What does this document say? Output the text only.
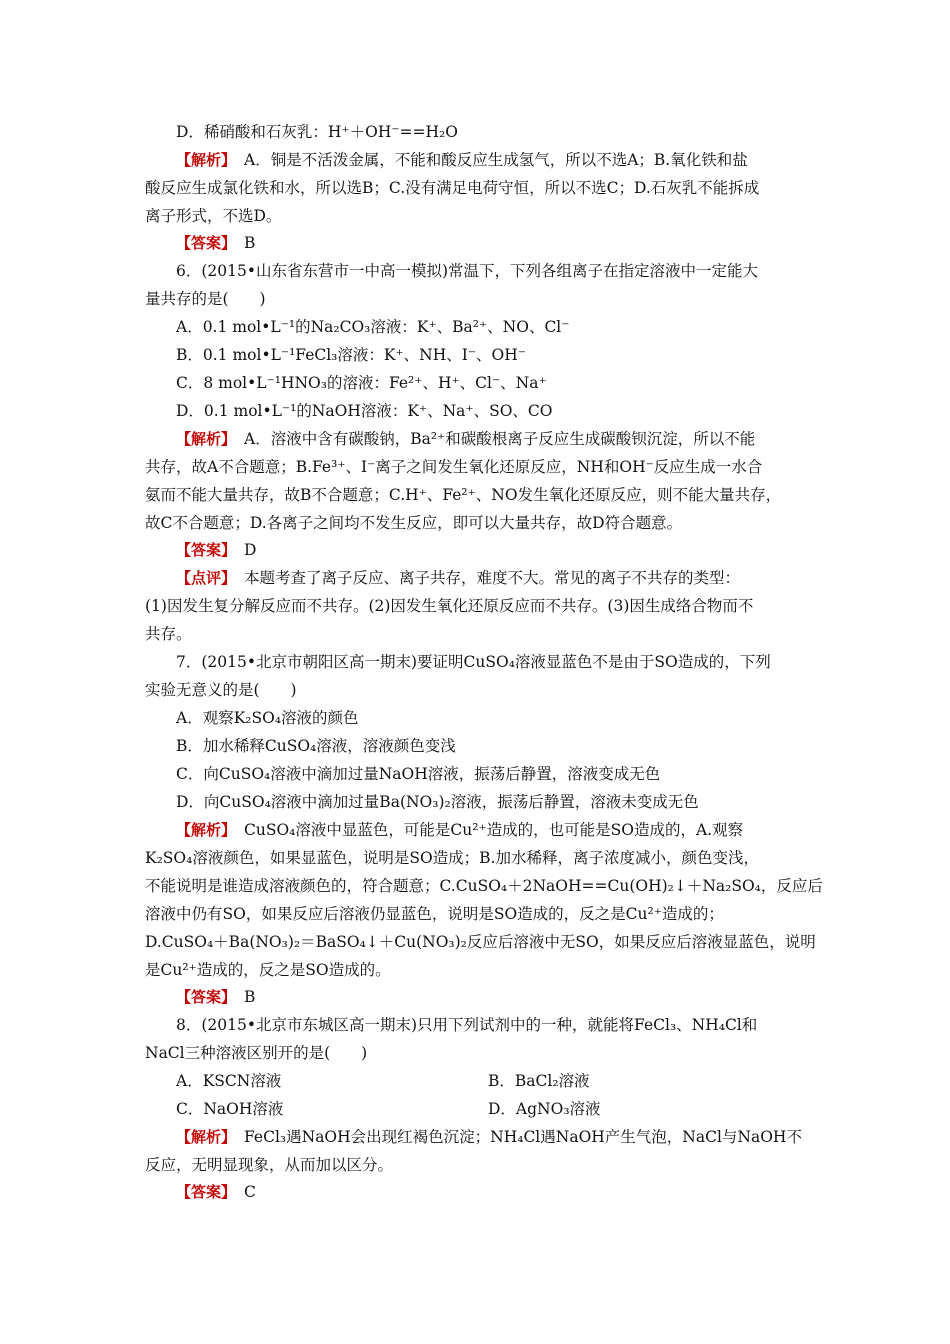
D．稀硝酸和石灰乳：H⁺＋OH⁻==H₂O
【解析】　A．铜是不活泼金属，不能和酸反应生成氢气，所以不选A；B.氧化铁和盐
酸反应生成氯化铁和水，所以选B；C.没有满足电荷守恒，所以不选C；D.石灰乳不能拆成
离子形式，不选D。
【答案】　B
6．(2015•山东省东营市一中高一模拟)常温下，下列各组离子在指定溶液中一定能大
量共存的是(　　)
A．0.1 mol•L⁻¹的Na₂CO₃溶液：K⁺、Ba²⁺、NO、Cl⁻
B．0.1 mol•L⁻¹FeCl₃溶液：K⁺、NH、I⁻、OH⁻
C．8 mol•L⁻¹HNO₃的溶液：Fe²⁺、H⁺、Cl⁻、Na⁺
D．0.1 mol•L⁻¹的NaOH溶液：K⁺、Na⁺、SO、CO
【解析】　A．溶液中含有碳酸钠，Ba²⁺和碳酸根离子反应生成碳酸钡沉淀，所以不能
共存，故A不合题意；B.Fe³⁺、I⁻离子之间发生氧化还原反应，NH和OH⁻反应生成一水合
氨而不能大量共存，故B不合题意；C.H⁺、Fe²⁺、NO发生氧化还原反应，则不能大量共存，
故C不合题意；D.各离子之间均不发生反应，即可以大量共存，故D符合题意。
【答案】　D
【点评】　本题考查了离子反应、离子共存，难度不大。常见的离子不共存的类型：
(1)因发生复分解反应而不共存。(2)因发生氧化还原反应而不共存。(3)因生成络合物而不
共存。
7．(2015•北京市朝阳区高一期末)要证明CuSO₄溶液显蓝色不是由于SO造成的，下列
实验无意义的是(　　)
A．观察K₂SO₄溶液的颜色
B．加水稀释CuSO₄溶液，溶液颜色变浅
C．向CuSO₄溶液中滴加过量NaOH溶液，振荡后静置，溶液变成无色
D．向CuSO₄溶液中滴加过量Ba(NO₃)₂溶液，振荡后静置，溶液未变成无色
【解析】　CuSO₄溶液中显蓝色，可能是Cu²⁺造成的，也可能是SO造成的，A.观察
K₂SO₄溶液颜色，如果显蓝色，说明是SO造成；B.加水稀释，离子浓度减小，颜色变浅，
不能说明是谁造成溶液颜色的，符合题意；C.CuSO₄＋2NaOH==Cu(OH)₂↓＋Na₂SO₄，反应后
溶液中仍有SO，如果反应后溶液仍显蓝色，说明是SO造成的，反之是Cu²⁺造成的；
D.CuSO₄＋Ba(NO₃)₂＝BaSO₄↓＋Cu(NO₃)₂反应后溶液中无SO，如果反应后溶液显蓝色，说明
是Cu²⁺造成的，反之是SO造成的。
【答案】　B
8．(2015•北京市东城区高一期末)只用下列试剂中的一种，就能将FeCl₃、NH₄Cl和
NaCl三种溶液区别开的是(　　)
A．KSCN溶液	B．BaCl₂溶液
C．NaOH溶液	D．AgNO₃溶液
【解析】　FeCl₃遇NaOH会出现红褐色沉淀；NH₄Cl遇NaOH产生气泡，NaCl与NaOH不
反应，无明显现象，从而加以区分。
【答案】　C
